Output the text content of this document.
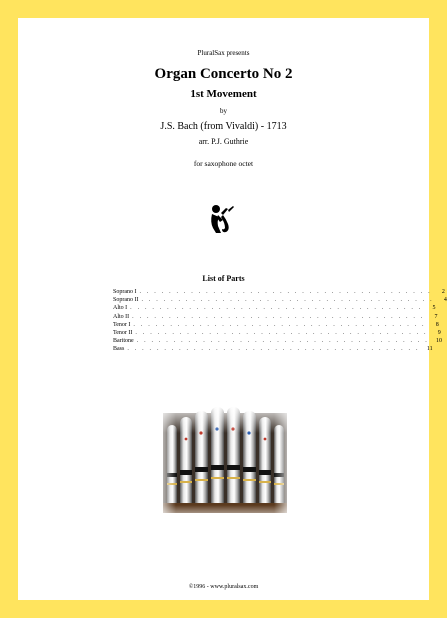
PluralSax presents
Organ Concerto No 2
1st Movement
by
J.S. Bach (from Vivaldi) - 1713
arr. P.J. Guthrie
for saxophone octet
List of Parts
Soprano I . . . . . . . . . . . . . . . . . . . . . . . . . . . . . . . . . . . . . . . .	2
Soprano II . . . . . . . . . . . . . . . . . . . . . . . . . . . . . . . . . . . . . . . .	4
Alto I . . . . . . . . . . . . . . . . . . . . . . . . . . . . . . . . . . . . . . . .	5
Alto II . . . . . . . . . . . . . . . . . . . . . . . . . . . . . . . . . . . . . . . .	7
Tenor I . . . . . . . . . . . . . . . . . . . . . . . . . . . . . . . . . . . . . . . .	8
Tenor II . . . . . . . . . . . . . . . . . . . . . . . . . . . . . . . . . . . . . . . .	9
Baritone . . . . . . . . . . . . . . . . . . . . . . . . . . . . . . . . . . . . . . . .	10
Bass . . . . . . . . . . . . . . . . . . . . . . . . . . . . . . . . . . . . . . . .	11
©1996 - www.pluralsax.com
